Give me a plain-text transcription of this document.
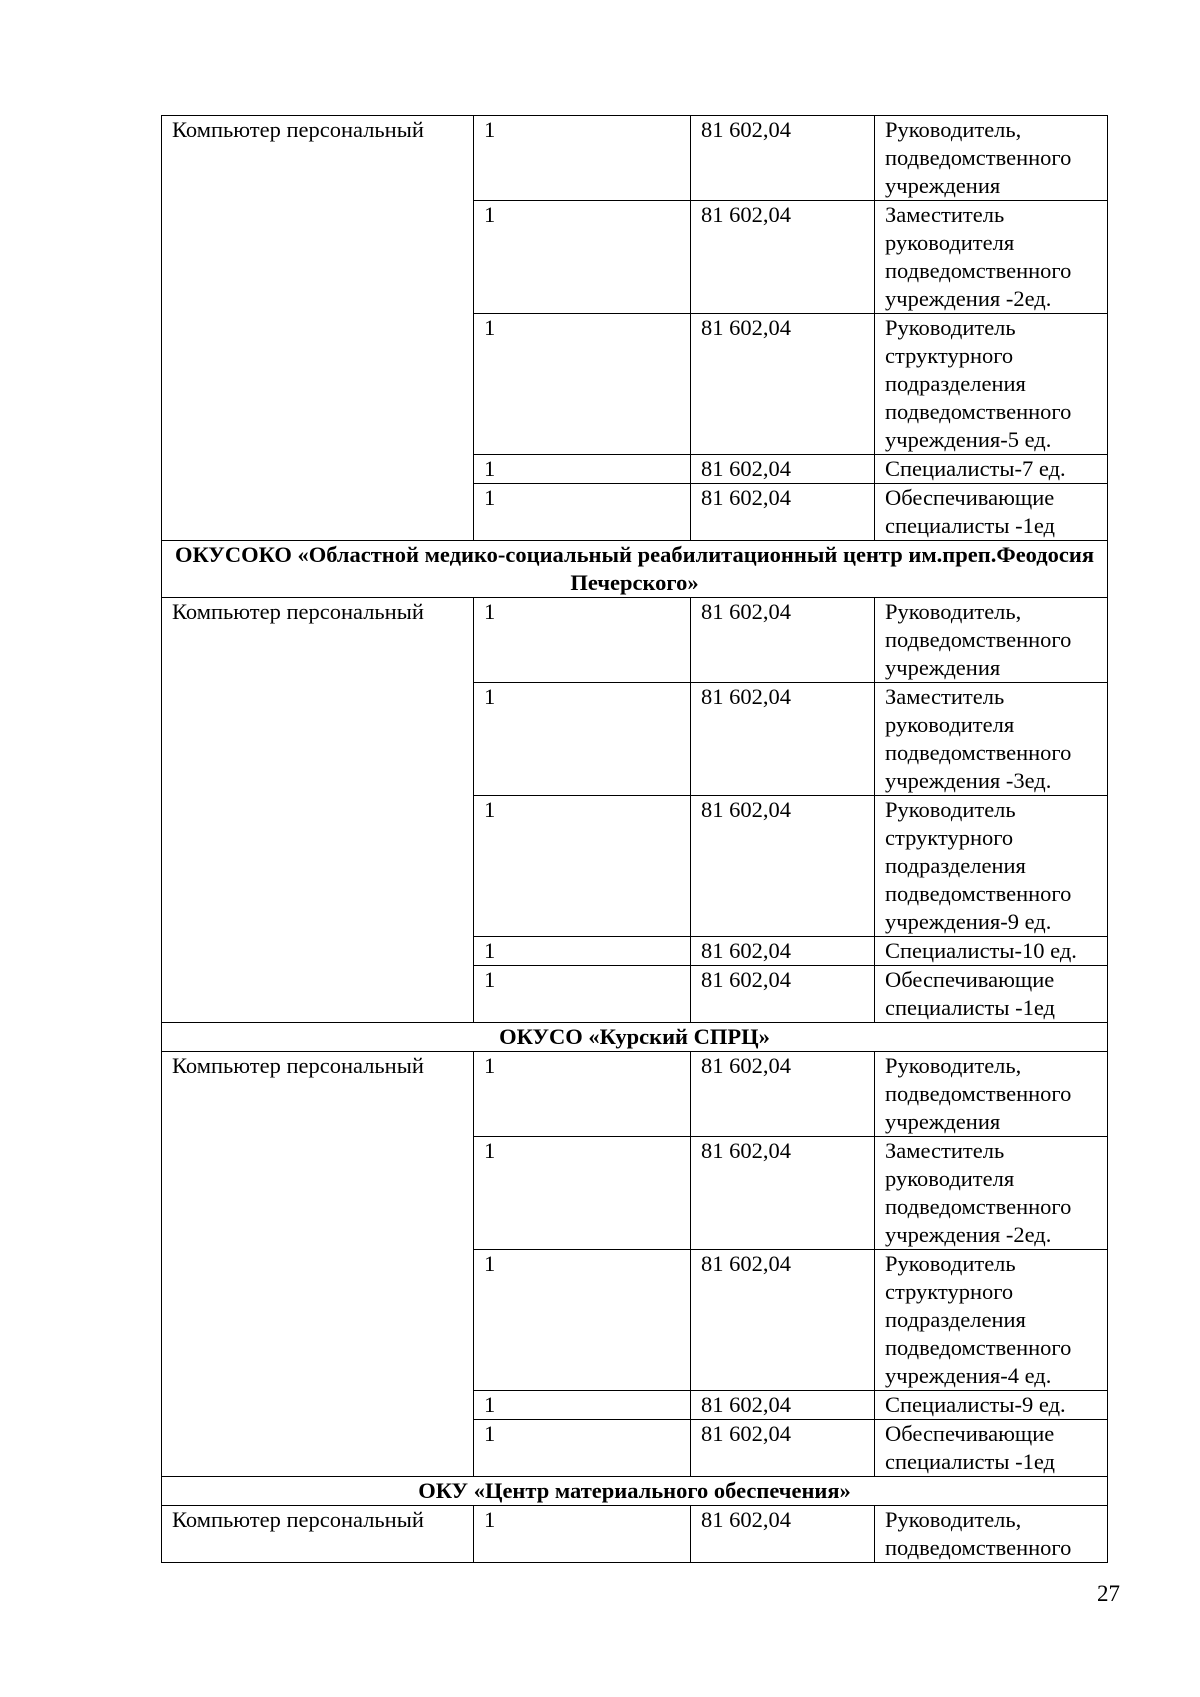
Компьютер персональный	1	81 602,04	Руководитель, подведомственного учреждения
	1	81 602,04	Заместитель руководителя подведомственного учреждения -2ед.
	1	81 602,04	Руководитель структурного подразделения подведомственного учреждения-5 ед.
	1	81 602,04	Специалисты-7 ед.
	1	81 602,04	Обеспечивающие специалисты -1ед
ОКУСОКО «Областной медико-социальный реабилитационный центр им.преп.Феодосия Печерского»			
Компьютер персональный	1	81 602,04	Руководитель, подведомственного учреждения
	1	81 602,04	Заместитель руководителя подведомственного учреждения -3ед.
	1	81 602,04	Руководитель структурного подразделения подведомственного учреждения-9 ед.
	1	81 602,04	Специалисты-10 ед.
	1	81 602,04	Обеспечивающие специалисты -1ед
ОКУСО «Курский СПРЦ»			
Компьютер персональный	1	81 602,04	Руководитель, подведомственного учреждения
	1	81 602,04	Заместитель руководителя подведомственного учреждения -2ед.
	1	81 602,04	Руководитель структурного подразделения подведомственного учреждения-4 ед.
	1	81 602,04	Специалисты-9 ед.
	1	81 602,04	Обеспечивающие специалисты -1ед
ОКУ «Центр материального обеспечения»			
Компьютер персональный	1	81 602,04	Руководитель, подведомственного
27
